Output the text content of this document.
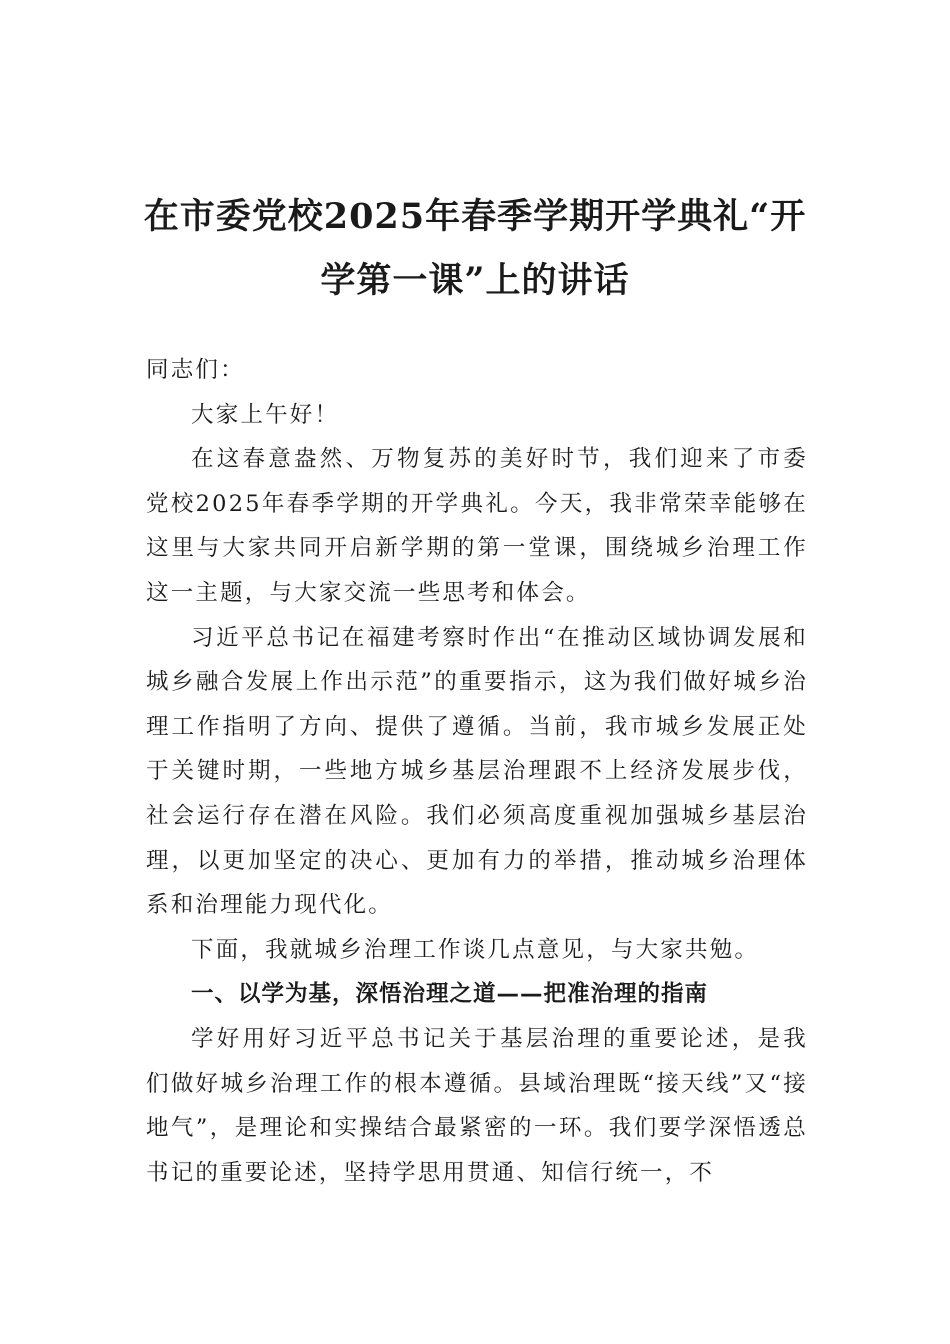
在市委党校2025年春季学期开学典礼“开
学第一课”上的讲话

同志们：

大家上午好！

在这春意盎然、万物复苏的美好时节，我们迎来了市委党校2025年春季学期的开学典礼。今天，我非常荣幸能够在这里与大家共同开启新学期的第一堂课，围绕城乡治理工作这一主题，与大家交流一些思考和体会。

习近平总书记在福建考察时作出“在推动区域协调发展和城乡融合发展上作出示范”的重要指示，这为我们做好城乡治理工作指明了方向、提供了遵循。当前，我市城乡发展正处于关键时期，一些地方城乡基层治理跟不上经济发展步伐，社会运行存在潜在风险。我们必须高度重视加强城乡基层治理，以更加坚定的决心、更加有力的举措，推动城乡治理体系和治理能力现代化。

下面，我就城乡治理工作谈几点意见，与大家共勉。

一、以学为基，深悟治理之道——把准治理的指南

学好用好习近平总书记关于基层治理的重要论述，是我们做好城乡治理工作的根本遵循。县域治理既“接天线”又“接地气”，是理论和实操结合最紧密的一环。我们要学深悟透总书记的重要论述，坚持学思用贯通、知信行统一，不
